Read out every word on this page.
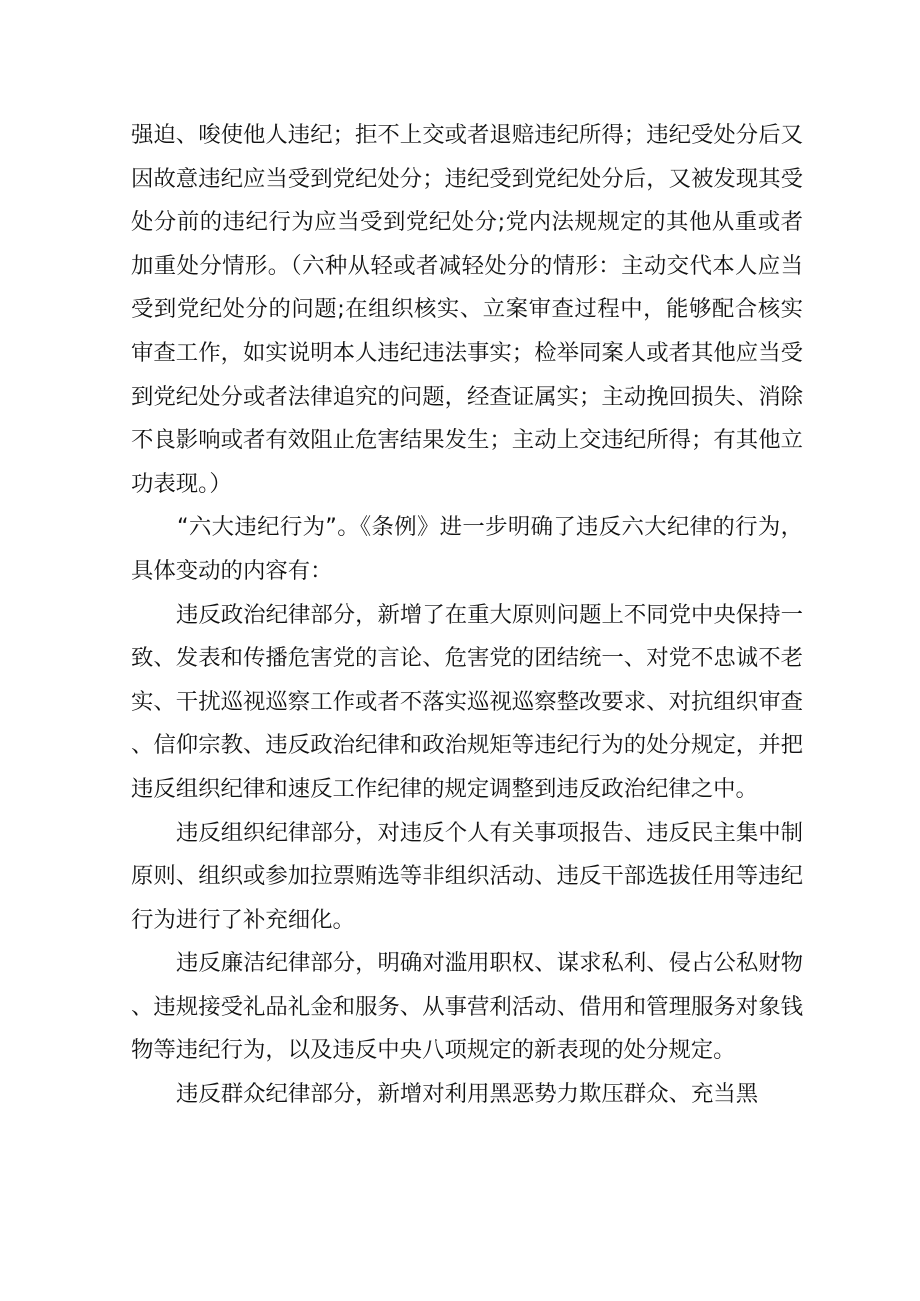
强迫、唆使他人违纪；拒不上交或者退赔违纪所得；违纪受处分后又因故意违纪应当受到党纪处分；违纪受到党纪处分后，又被发现其受处分前的违纪行为应当受到党纪处分;党内法规规定的其他从重或者加重处分情形。（六种从轻或者减轻处分的情形：主动交代本人应当受到党纪处分的问题;在组织核实、立案审查过程中，能够配合核实审查工作，如实说明本人违纪违法事实；检举同案人或者其他应当受到党纪处分或者法律追究的问题，经查证属实；主动挽回损失、消除不良影响或者有效阻止危害结果发生；主动上交违纪所得；有其他立功表现。）

“六大违纪行为”。《条例》进一步明确了违反六大纪律的行为，具体变动的内容有：

违反政治纪律部分，新增了在重大原则问题上不同党中央保持一致、发表和传播危害党的言论、危害党的团结统一、对党不忠诚不老实、干扰巡视巡察工作或者不落实巡视巡察整改要求、对抗组织审查、信仰宗教、违反政治纪律和政治规矩等违纪行为的处分规定，并把违反组织纪律和速反工作纪律的规定调整到违反政治纪律之中。

违反组织纪律部分，对违反个人有关事项报告、违反民主集中制原则、组织或参加拉票贿选等非组织活动、违反干部选拔任用等违纪行为进行了补充细化。

违反廉洁纪律部分，明确对滥用职权、谋求私利、侵占公私财物、违规接受礼品礼金和服务、从事营利活动、借用和管理服务对象钱物等违纪行为，以及违反中央八项规定的新表现的处分规定。

违反群众纪律部分，新增对利用黑恶势力欺压群众、充当黑
